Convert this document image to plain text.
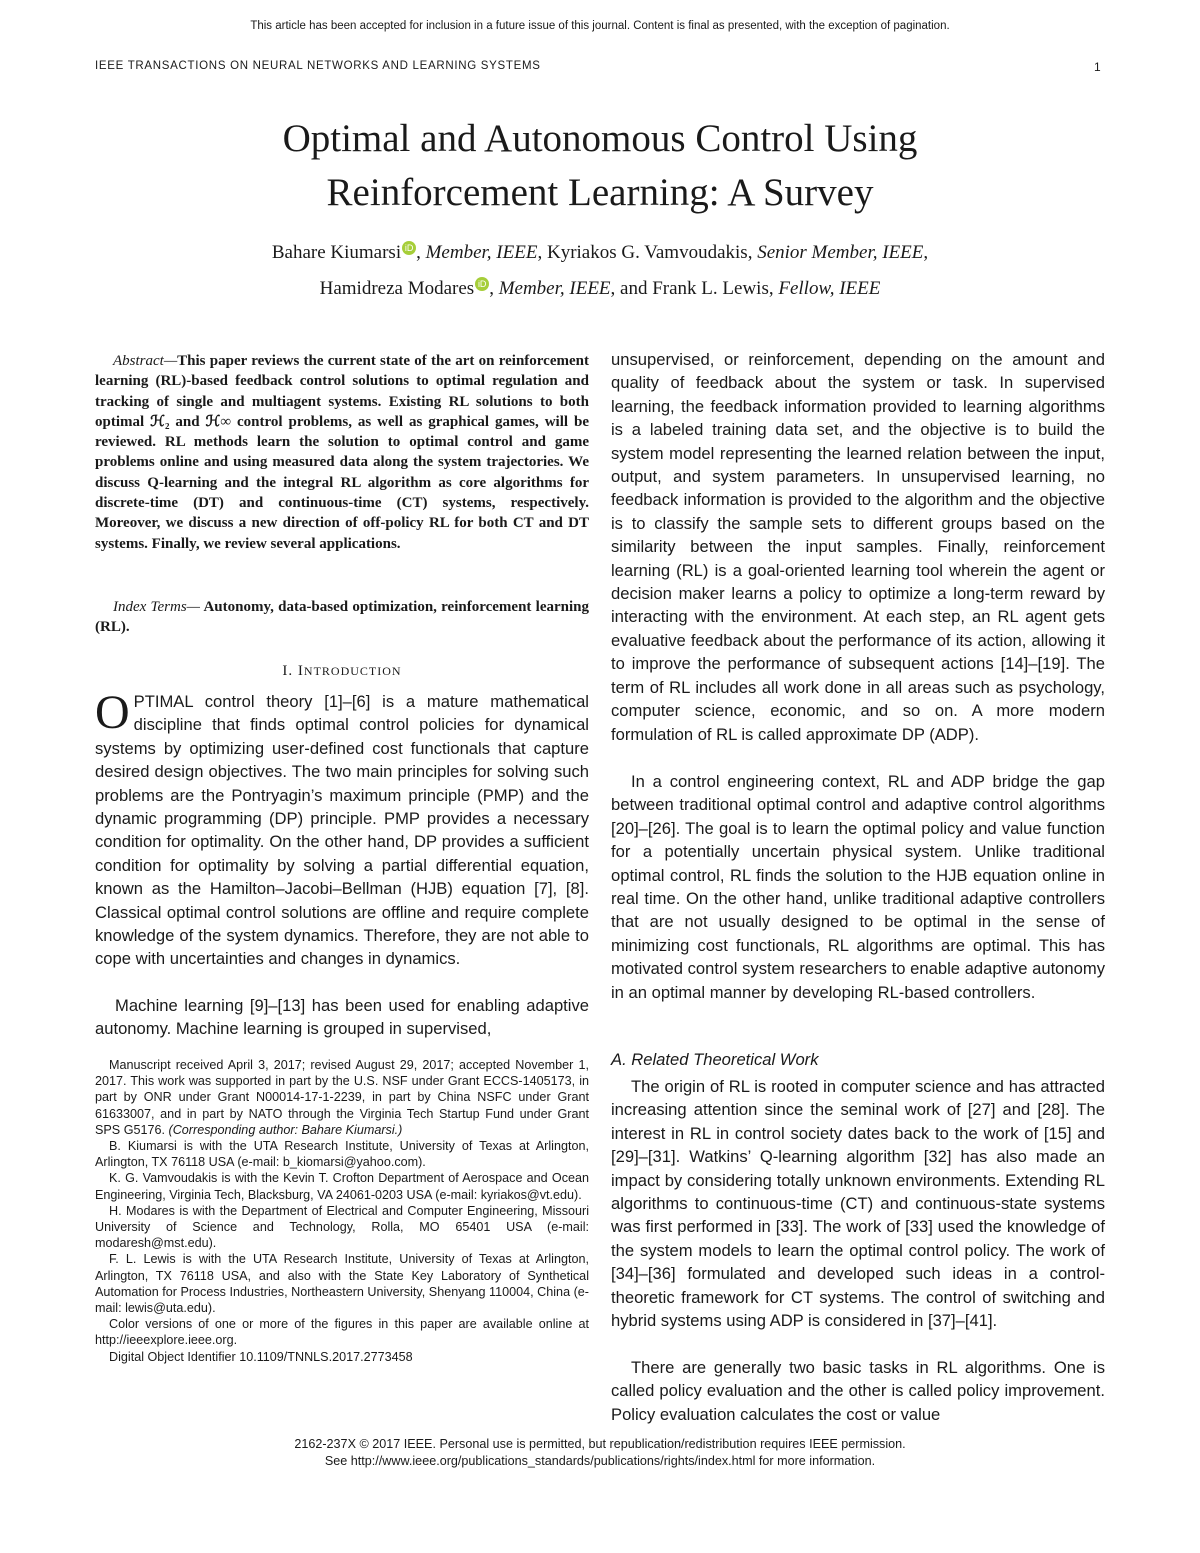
This article has been accepted for inclusion in a future issue of this journal. Content is final as presented, with the exception of pagination.
IEEE TRANSACTIONS ON NEURAL NETWORKS AND LEARNING SYSTEMS	1
Optimal and Autonomous Control Using
Reinforcement Learning: A Survey
Bahare Kiumarsi iD , Member, IEEE, Kyriakos G. Vamvoudakis, Senior Member, IEEE,
Hamidreza Modares iD , Member, IEEE, and Frank L. Lewis, Fellow, IEEE

Abstract—This paper reviews the current state of the art on reinforcement learning (RL)-based feedback control solutions to optimal regulation and tracking of single and multiagent systems. Existing RL solutions to both optimal ℋ₂ and ℋ∞ control problems, as well as graphical games, will be reviewed. RL methods learn the solution to optimal control and game problems online and using measured data along the system trajectories. We discuss Q-learning and the integral RL algorithm as core algorithms for discrete-time (DT) and continuous-time (CT) systems, respectively. Moreover, we discuss a new direction of off-policy RL for both CT and DT systems. Finally, we review several applications.

Index Terms— Autonomy, data-based optimization, reinforcement learning (RL).

I. INTRODUCTION

OPTIMAL control theory [1]–[6] is a mature mathematical discipline that finds optimal control policies for dynamical systems by optimizing user-defined cost functionals that capture desired design objectives. The two main principles for solving such problems are the Pontryagin’s maximum principle (PMP) and the dynamic programming (DP) principle. PMP provides a necessary condition for optimality. On the other hand, DP provides a sufficient condition for optimality by solving a partial differential equation, known as the Hamilton–Jacobi–Bellman (HJB) equation [7], [8]. Classical optimal control solutions are offline and require complete knowledge of the system dynamics. Therefore, they are not able to cope with uncertainties and changes in dynamics.

Machine learning [9]–[13] has been used for enabling adaptive autonomy. Machine learning is grouped in supervised,

Manuscript received April 3, 2017; revised August 29, 2017; accepted November 1, 2017. This work was supported in part by the U.S. NSF under Grant ECCS-1405173, in part by ONR under Grant N00014-17-1-2239, in part by China NSFC under Grant 61633007, and in part by NATO through the Virginia Tech Startup Fund under Grant SPS G5176. (Corresponding author: Bahare Kiumarsi.)

B. Kiumarsi is with the UTA Research Institute, University of Texas at Arlington, Arlington, TX 76118 USA (e-mail: b_kiomarsi@yahoo.com).

K. G. Vamvoudakis is with the Kevin T. Crofton Department of Aerospace and Ocean Engineering, Virginia Tech, Blacksburg, VA 24061-0203 USA (e-mail: kyriakos@vt.edu).

H. Modares is with the Department of Electrical and Computer Engineering, Missouri University of Science and Technology, Rolla, MO 65401 USA (e-mail: modaresh@mst.edu).

F. L. Lewis is with the UTA Research Institute, University of Texas at Arlington, Arlington, TX 76118 USA, and also with the State Key Laboratory of Synthetical Automation for Process Industries, Northeastern University, Shenyang 110004, China (e-mail: lewis@uta.edu).

Color versions of one or more of the figures in this paper are available online at http://ieeexplore.ieee.org.

Digital Object Identifier 10.1109/TNNLS.2017.2773458

unsupervised, or reinforcement, depending on the amount and quality of feedback about the system or task. In supervised learning, the feedback information provided to learning algorithms is a labeled training data set, and the objective is to build the system model representing the learned relation between the input, output, and system parameters. In unsupervised learning, no feedback information is provided to the algorithm and the objective is to classify the sample sets to different groups based on the similarity between the input samples. Finally, reinforcement learning (RL) is a goal-oriented learning tool wherein the agent or decision maker learns a policy to optimize a long-term reward by interacting with the environment. At each step, an RL agent gets evaluative feedback about the performance of its action, allowing it to improve the performance of subsequent actions [14]–[19]. The term of RL includes all work done in all areas such as psychology, computer science, economic, and so on. A more modern formulation of RL is called approximate DP (ADP).

In a control engineering context, RL and ADP bridge the gap between traditional optimal control and adaptive control algorithms [20]–[26]. The goal is to learn the optimal policy and value function for a potentially uncertain physical system. Unlike traditional optimal control, RL finds the solution to the HJB equation online in real time. On the other hand, unlike traditional adaptive controllers that are not usually designed to be optimal in the sense of minimizing cost functionals, RL algorithms are optimal. This has motivated control system researchers to enable adaptive autonomy in an optimal manner by developing RL-based controllers.

A. Related Theoretical Work

The origin of RL is rooted in computer science and has attracted increasing attention since the seminal work of [27] and [28]. The interest in RL in control society dates back to the work of [15] and [29]–[31]. Watkins’ Q-learning algorithm [32] has also made an impact by considering totally unknown environments. Extending RL algorithms to continuous-time (CT) and continuous-state systems was first performed in [33]. The work of [33] used the knowledge of the system models to learn the optimal control policy. The work of [34]–[36] formulated and developed such ideas in a control-theoretic framework for CT systems. The control of switching and hybrid systems using ADP is considered in [37]–[41].

There are generally two basic tasks in RL algorithms. One is called policy evaluation and the other is called policy improvement. Policy evaluation calculates the cost or value

2162-237X © 2017 IEEE. Personal use is permitted, but republication/redistribution requires IEEE permission.
See http://www.ieee.org/publications_standards/publications/rights/index.html for more information.
